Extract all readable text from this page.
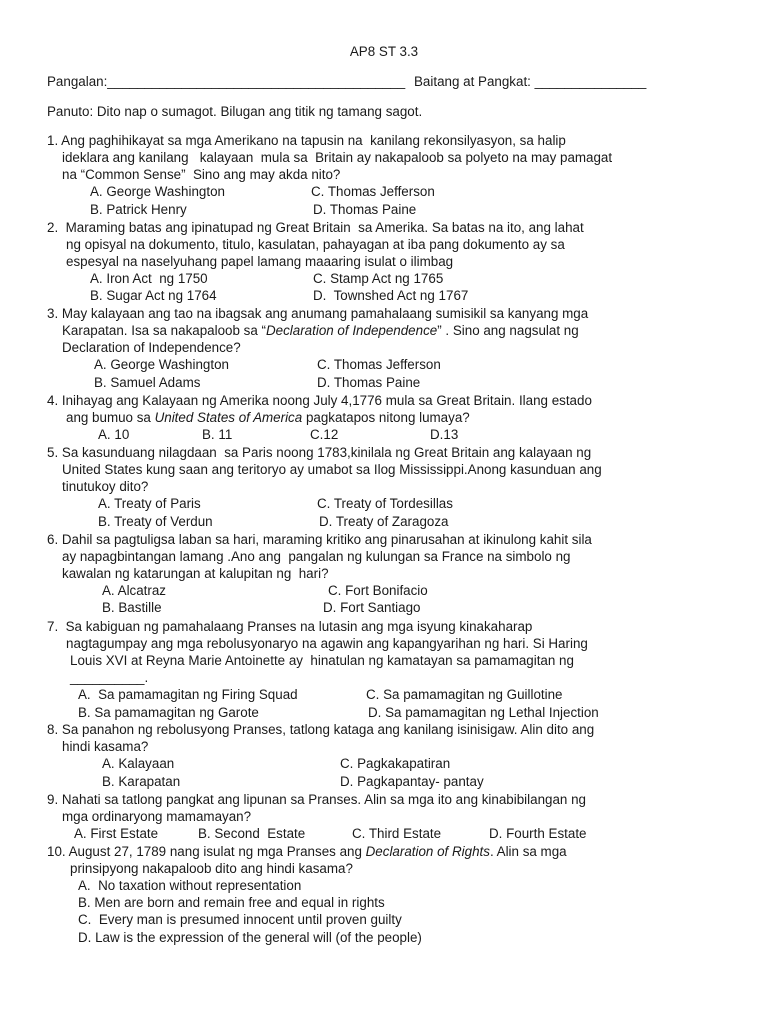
AP8 ST 3.3
Pangalan:________________________________________ Baitang at Pangkat: _______________
Panuto: Dito nap o sumagot. Bilugan ang titik ng tamang sagot.
1. Ang paghihikayat sa mga Amerikano na tapusin na  kanilang rekonsilyasyon, sa halip
ideklara ang kanilang   kalayaan  mula sa  Britain ay nakapaloob sa polyeto na may pamagat
na “Common Sense”  Sino ang may akda nito?
A. George Washington	C. Thomas Jefferson
B. Patrick Henry	D. Thomas Paine
2.  Maraming batas ang ipinatupad ng Great Britain  sa Amerika. Sa batas na ito, ang lahat
ng opisyal na dokumento, titulo, kasulatan, pahayagan at iba pang dokumento ay sa
espesyal na naselyuhang papel lamang maaaring isulat o ilimbag
A. Iron Act  ng 1750	C. Stamp Act ng 1765
B. Sugar Act ng 1764	D.  Townshed Act ng 1767
3. May kalayaan ang tao na ibagsak ang anumang pamahalaang sumisikil sa kanyang mga
Karapatan. Isa sa nakapaloob sa “Declaration of Independence” . Sino ang nagsulat ng
Declaration of Independence?
A. George Washington	C. Thomas Jefferson
B. Samuel Adams	D. Thomas Paine
4. Inihayag ang Kalayaan ng Amerika noong July 4,1776 mula sa Great Britain. Ilang estado
ang bumuo sa United States of America pagkatapos nitong lumaya?
A. 10	B. 11	C.12	D.13
5. Sa kasunduang nilagdaan  sa Paris noong 1783,kinilala ng Great Britain ang kalayaan ng
United States kung saan ang teritoryo ay umabot sa Ilog Mississippi.Anong kasunduan ang
tinutukoy dito?
A. Treaty of Paris	C. Treaty of Tordesillas
B. Treaty of Verdun	D. Treaty of Zaragoza
6. Dahil sa pagtuligsa laban sa hari, maraming kritiko ang pinarusahan at ikinulong kahit sila
ay napagbintangan lamang .Ano ang  pangalan ng kulungan sa France na simbolo ng
kawalan ng katarungan at kalupitan ng  hari?
A. Alcatraz	C. Fort Bonifacio
B. Bastille	D. Fort Santiago
7.  Sa kabiguan ng pamahalaang Pranses na lutasin ang mga isyung kinakaharap
nagtagumpay ang mga rebolusyonaryo na agawin ang kapangyarihan ng hari. Si Haring
Louis XVI at Reyna Marie Antoinette ay  hinatulan ng kamatayan sa pamamagitan ng
__________.
A.  Sa pamamagitan ng Firing Squad	C. Sa pamamagitan ng Guillotine
B. Sa pamamagitan ng Garote	D. Sa pamamagitan ng Lethal Injection
8. Sa panahon ng rebolusyong Pranses, tatlong kataga ang kanilang isinisigaw. Alin dito ang
hindi kasama?
A. Kalayaan	C. Pagkakapatiran
B. Karapatan	D. Pagkapantay- pantay
9. Nahati sa tatlong pangkat ang lipunan sa Pranses. Alin sa mga ito ang kinabibilangan ng
mga ordinaryong mamamayan?
A. First Estate	B. Second  Estate	C. Third Estate	D. Fourth Estate
10. August 27, 1789 nang isulat ng mga Pranses ang Declaration of Rights. Alin sa mga
prinsipyong nakapaloob dito ang hindi kasama?
A.  No taxation without representation
B. Men are born and remain free and equal in rights
C.  Every man is presumed innocent until proven guilty
D. Law is the expression of the general will (of the people)
